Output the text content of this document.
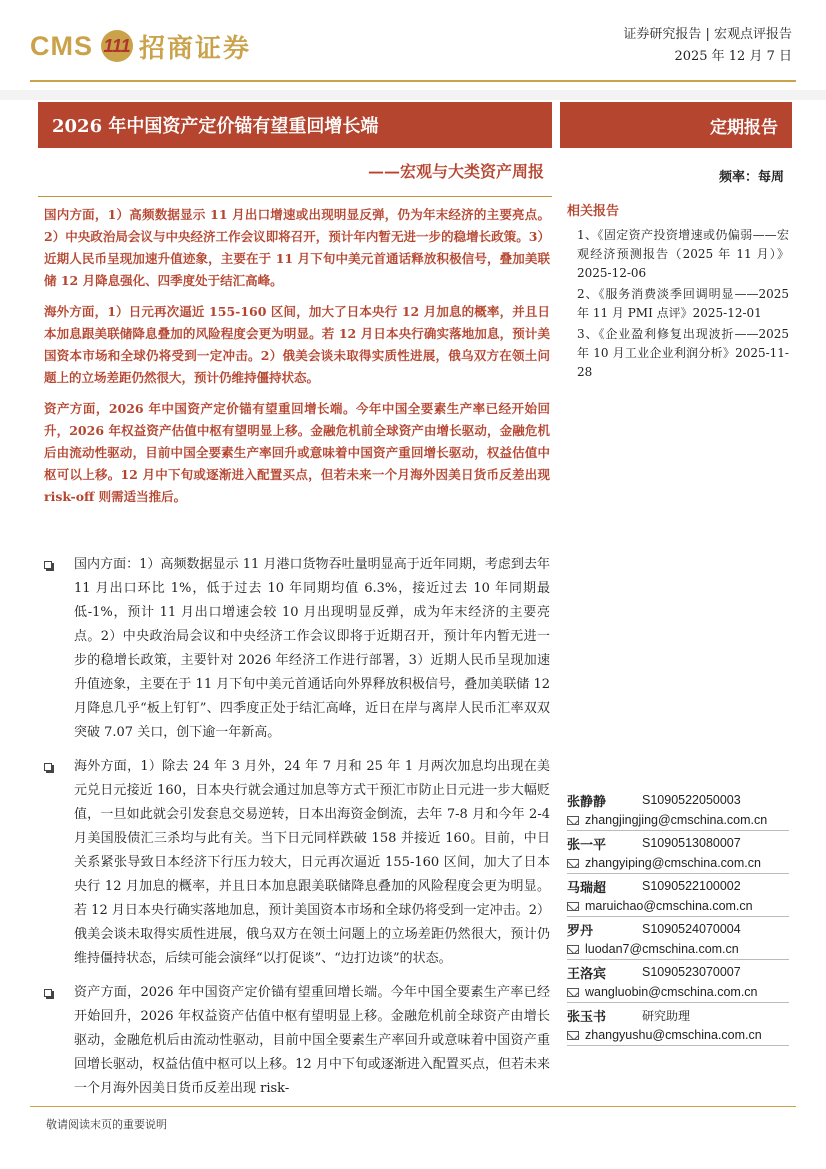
CMS 111 招商证券	证券研究报告 | 宏观点评报告
2025 年 12 月 7 日
2026 年中国资产定价锚有望重回增长端	定期报告
——宏观与大类资产周报	频率：每周

国内方面，1）高频数据显示 11 月出口增速或出现明显反弹，仍为年末经济的主要亮点。2）中央政治局会议与中央经济工作会议即将召开，预计年内暂无进一步的稳增长政策。3）近期人民币呈现加速升值迹象，主要在于 11 月下旬中美元首通话释放积极信号，叠加美联储 12 月降息强化、四季度处于结汇高峰。

海外方面，1）日元再次逼近 155-160 区间，加大了日本央行 12 月加息的概率，并且日本加息跟美联储降息叠加的风险程度会更为明显。若 12 月日本央行确实落地加息，预计美国资本市场和全球仍将受到一定冲击。2）俄美会谈未取得实质性进展，俄乌双方在领土问题上的立场差距仍然很大，预计仍维持僵持状态。

资产方面，2026 年中国资产定价锚有望重回增长端。今年中国全要素生产率已经开始回升，2026 年权益资产估值中枢有望明显上移。金融危机前全球资产由增长驱动，金融危机后由流动性驱动，目前中国全要素生产率回升或意味着中国资产重回增长驱动，权益估值中枢可以上移。12 月中下旬或逐渐进入配置买点，但若未来一个月海外因美日货币反差出现 risk-off 则需适当推后。

国内方面：1）高频数据显示 11 月港口货物吞吐量明显高于近年同期，考虑到去年 11 月出口环比 1%，低于过去 10 年同期均值 6.3%，接近过去 10 年同期最低-1%，预计 11 月出口增速会较 10 月出现明显反弹，成为年末经济的主要亮点。2）中央政治局会议和中央经济工作会议即将于近期召开，预计年内暂无进一步的稳增长政策，主要针对 2026 年经济工作进行部署，3）近期人民币呈现加速升值迹象，主要在于 11 月下旬中美元首通话向外界释放积极信号，叠加美联储 12 月降息几乎“板上钉钉”、四季度正处于结汇高峰，近日在岸与离岸人民币汇率双双突破 7.07 关口，创下逾一年新高。
海外方面，1）除去 24 年 3 月外，24 年 7 月和 25 年 1 月两次加息均出现在美元兑日元接近 160，日本央行就会通过加息等方式干预汇市防止日元进一步大幅贬值，一旦如此就会引发套息交易逆转，日本出海资金倒流，去年 7-8 月和今年 2-4 月美国股债汇三杀均与此有关。当下日元同样跌破 158 并接近 160。目前，中日关系紧张导致日本经济下行压力较大，日元再次逼近 155-160 区间，加大了日本央行 12 月加息的概率，并且日本加息跟美联储降息叠加的风险程度会更为明显。若 12 月日本央行确实落地加息，预计美国资本市场和全球仍将受到一定冲击。2）俄美会谈未取得实质性进展，俄乌双方在领土问题上的立场差距仍然很大，预计仍维持僵持状态，后续可能会演绎“以打促谈”、“边打边谈”的状态。
资产方面，2026 年中国资产定价锚有望重回增长端。今年中国全要素生产率已经开始回升，2026 年权益资产估值中枢有望明显上移。金融危机前全球资产由增长驱动，金融危机后由流动性驱动，目前中国全要素生产率回升或意味着中国资产重回增长驱动，权益估值中枢可以上移。12 月中下旬或逐渐进入配置买点，但若未来一个月海外因美日货币反差出现 risk-
相关报告
1、《固定资产投资增速或仍偏弱——宏观经济预测报告（2025 年 11 月）》2025-12-06
2、《服务消费淡季回调明显——2025 年 11 月 PMI 点评》2025-12-01
3、《企业盈利修复出现波折——2025 年 10 月工业企业利润分析》2025-11-28
张静静	S1090522050003
zhangjingjing@cmschina.com.cn
张一平	S1090513080007
zhangyiping@cmschina.com.cn
马瑞超	S1090522100002
maruichao@cmschina.com.cn
罗丹	S1090524070004
luodan7@cmschina.com.cn
王洛宾	S1090523070007
wangluobin@cmschina.com.cn
张玉书	研究助理
zhangyushu@cmschina.com.cn
敬请阅读末页的重要说明
